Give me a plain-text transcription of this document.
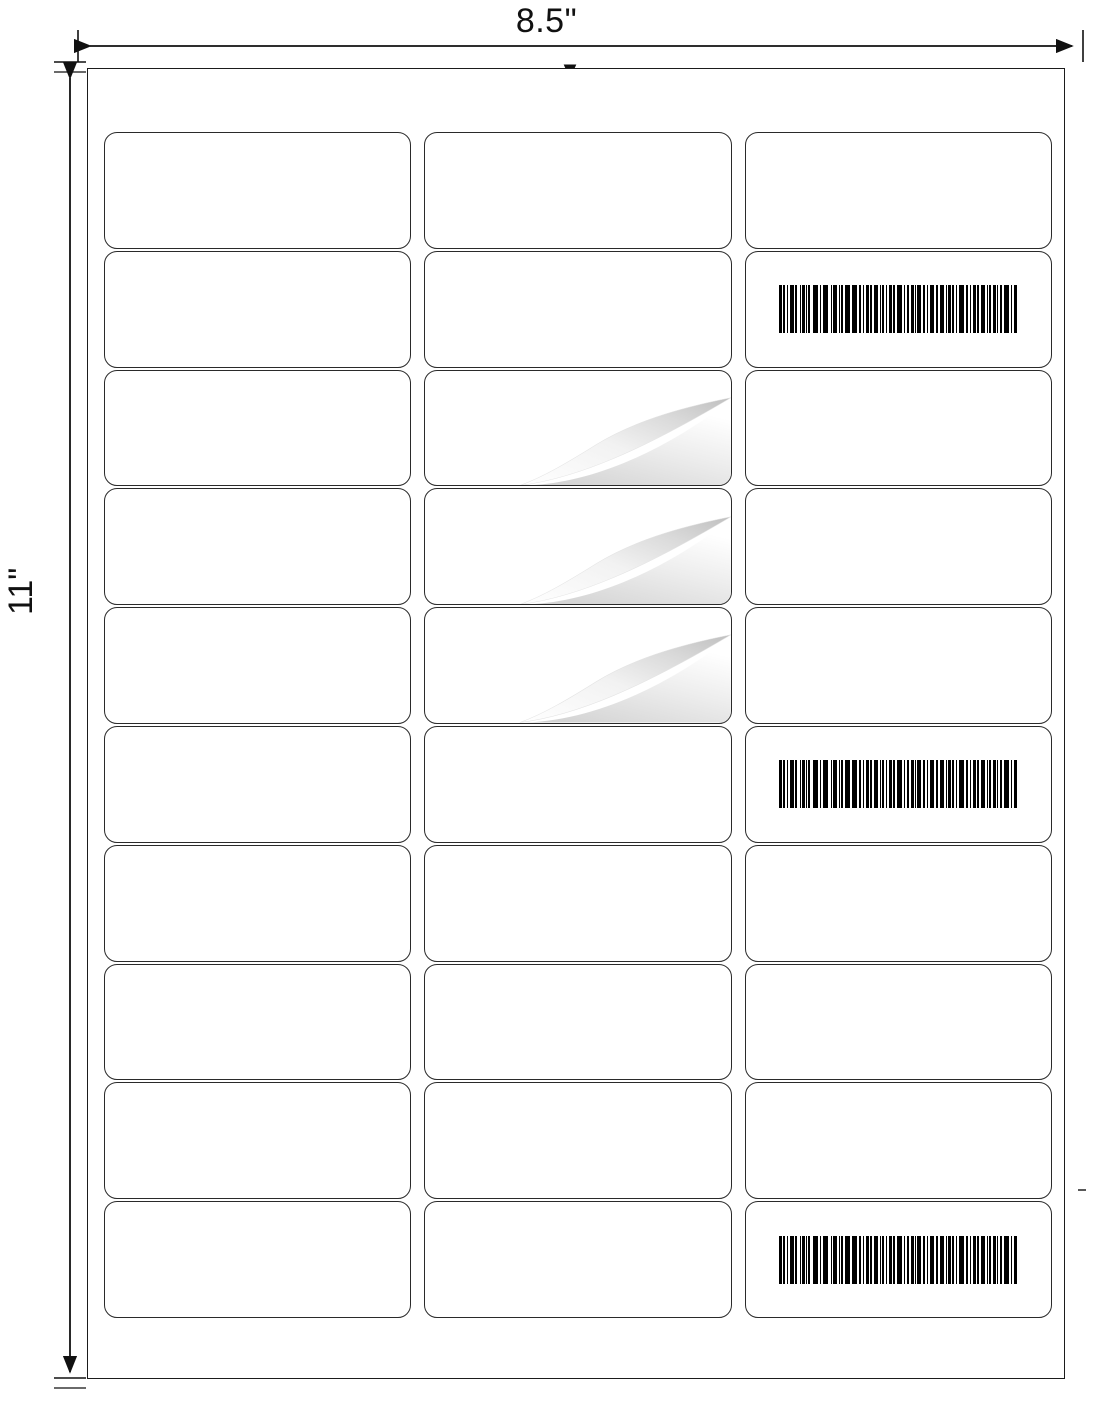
8.5"
11"
